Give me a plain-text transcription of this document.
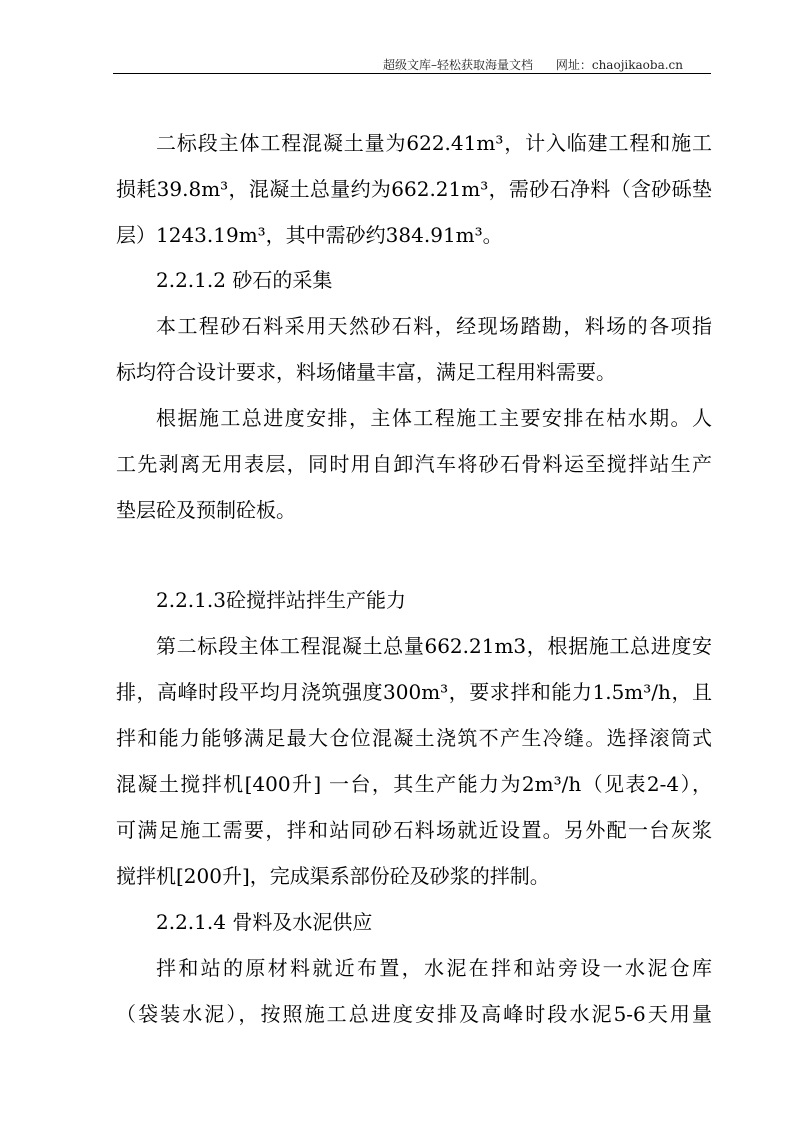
超级文库–轻松获取海量文档 网址：chaojikaoba.cn
二标段主体工程混凝土量为622.41m³，计入临建工程和施工
损耗39.8m³，混凝土总量约为662.21m³，需砂石净料（含砂砾垫
层）1243.19m³，其中需砂约384.91m³。
2.2.1.2 砂石的采集
本工程砂石料采用天然砂石料，经现场踏勘，料场的各项指
标均符合设计要求，料场储量丰富，满足工程用料需要。
根据施工总进度安排，主体工程施工主要安排在枯水期。人
工先剥离无用表层，同时用自卸汽车将砂石骨料运至搅拌站生产
垫层砼及预制砼板。
2.2.1.3砼搅拌站拌生产能力
第二标段主体工程混凝土总量662.21m3，根据施工总进度安
排，高峰时段平均月浇筑强度300m³，要求拌和能力1.5m³/h，且
拌和能力能够满足最大仓位混凝土浇筑不产生冷缝。选择滚筒式
混凝土搅拌机[400升] 一台，其生产能力为2m³/h（见表2-4），
可满足施工需要，拌和站同砂石料场就近设置。另外配一台灰浆
搅拌机[200升]，完成渠系部份砼及砂浆的拌制。
2.2.1.4 骨料及水泥供应
拌和站的原材料就近布置，水泥在拌和站旁设一水泥仓库
（袋装水泥），按照施工总进度安排及高峰时段水泥5-6天用量
